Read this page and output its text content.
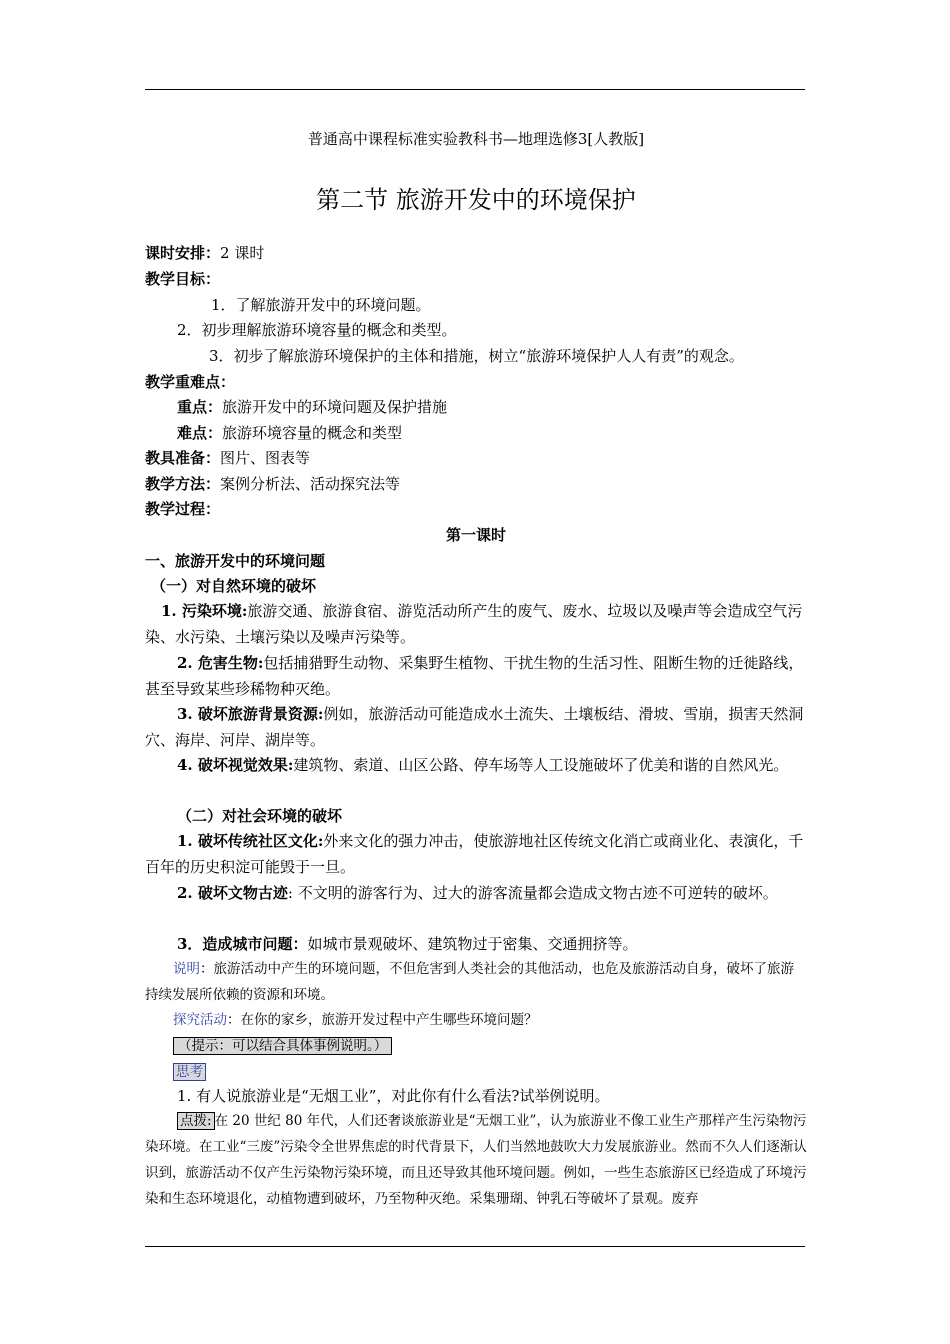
普通高中课程标准实验教科书—地理选修3[人教版]
第二节 旅游开发中的环境保护
课时安排：2 课时
教学目标：
1．了解旅游开发中的环境问题。
2．初步理解旅游环境容量的概念和类型。
3．初步了解旅游环境保护的主体和措施，树立“旅游环境保护人人有责”的观念。
教学重难点：
重点：旅游开发中的环境问题及保护措施
难点：旅游环境容量的概念和类型
教具准备：图片、图表等
教学方法：案例分析法、活动探究法等
教学过程：
第一课时
一、旅游开发中的环境问题
（一）对自然环境的破坏
1. 污染环境:旅游交通、旅游食宿、游览活动所产生的废气、废水、垃圾以及噪声等会造成空气污染、水污染、土壤污染以及噪声污染等。
2. 危害生物:包括捕猎野生动物、采集野生植物、干扰生物的生活习性、阻断生物的迁徙路线，甚至导致某些珍稀物种灭绝。
3. 破坏旅游背景资源:例如，旅游活动可能造成水土流失、土壤板结、滑坡、雪崩，损害天然洞穴、海岸、河岸、湖岸等。
4. 破坏视觉效果:建筑物、索道、山区公路、停车场等人工设施破坏了优美和谐的自然风光。
（二）对社会环境的破坏
1. 破坏传统社区文化:外来文化的强力冲击，使旅游地社区传统文化消亡或商业化、表演化，千百年的历史积淀可能毁于一旦。
2. 破坏文物古迹: 不文明的游客行为、过大的游客流量都会造成文物古迹不可逆转的破坏。
3．造成城市问题：如城市景观破坏、建筑物过于密集、交通拥挤等。
说明：旅游活动中产生的环境问题，不但危害到人类社会的其他活动，也危及旅游活动自身，破坏了旅游持续发展所依赖的资源和环境。
探究活动：在你的家乡，旅游开发过程中产生哪些环境问题？
（提示：可以结合具体事例说明。）
思考
1. 有人说旅游业是“无烟工业”，对此你有什么看法?试举例说明。
点拨: 在 20 世纪 80 年代，人们还奢谈旅游业是“无烟工业”，认为旅游业不像工业生产那样产生污染物污染环境。在工业“三废”污染令全世界焦虑的时代背景下，人们当然地鼓吹大力发展旅游业。然而不久人们逐渐认识到，旅游活动不仅产生污染物污染环境，而且还导致其他环境问题。例如，一些生态旅游区已经造成了环境污染和生态环境退化，动植物遭到破坏，乃至物种灭绝。采集珊瑚、钟乳石等破坏了景观。废弃
